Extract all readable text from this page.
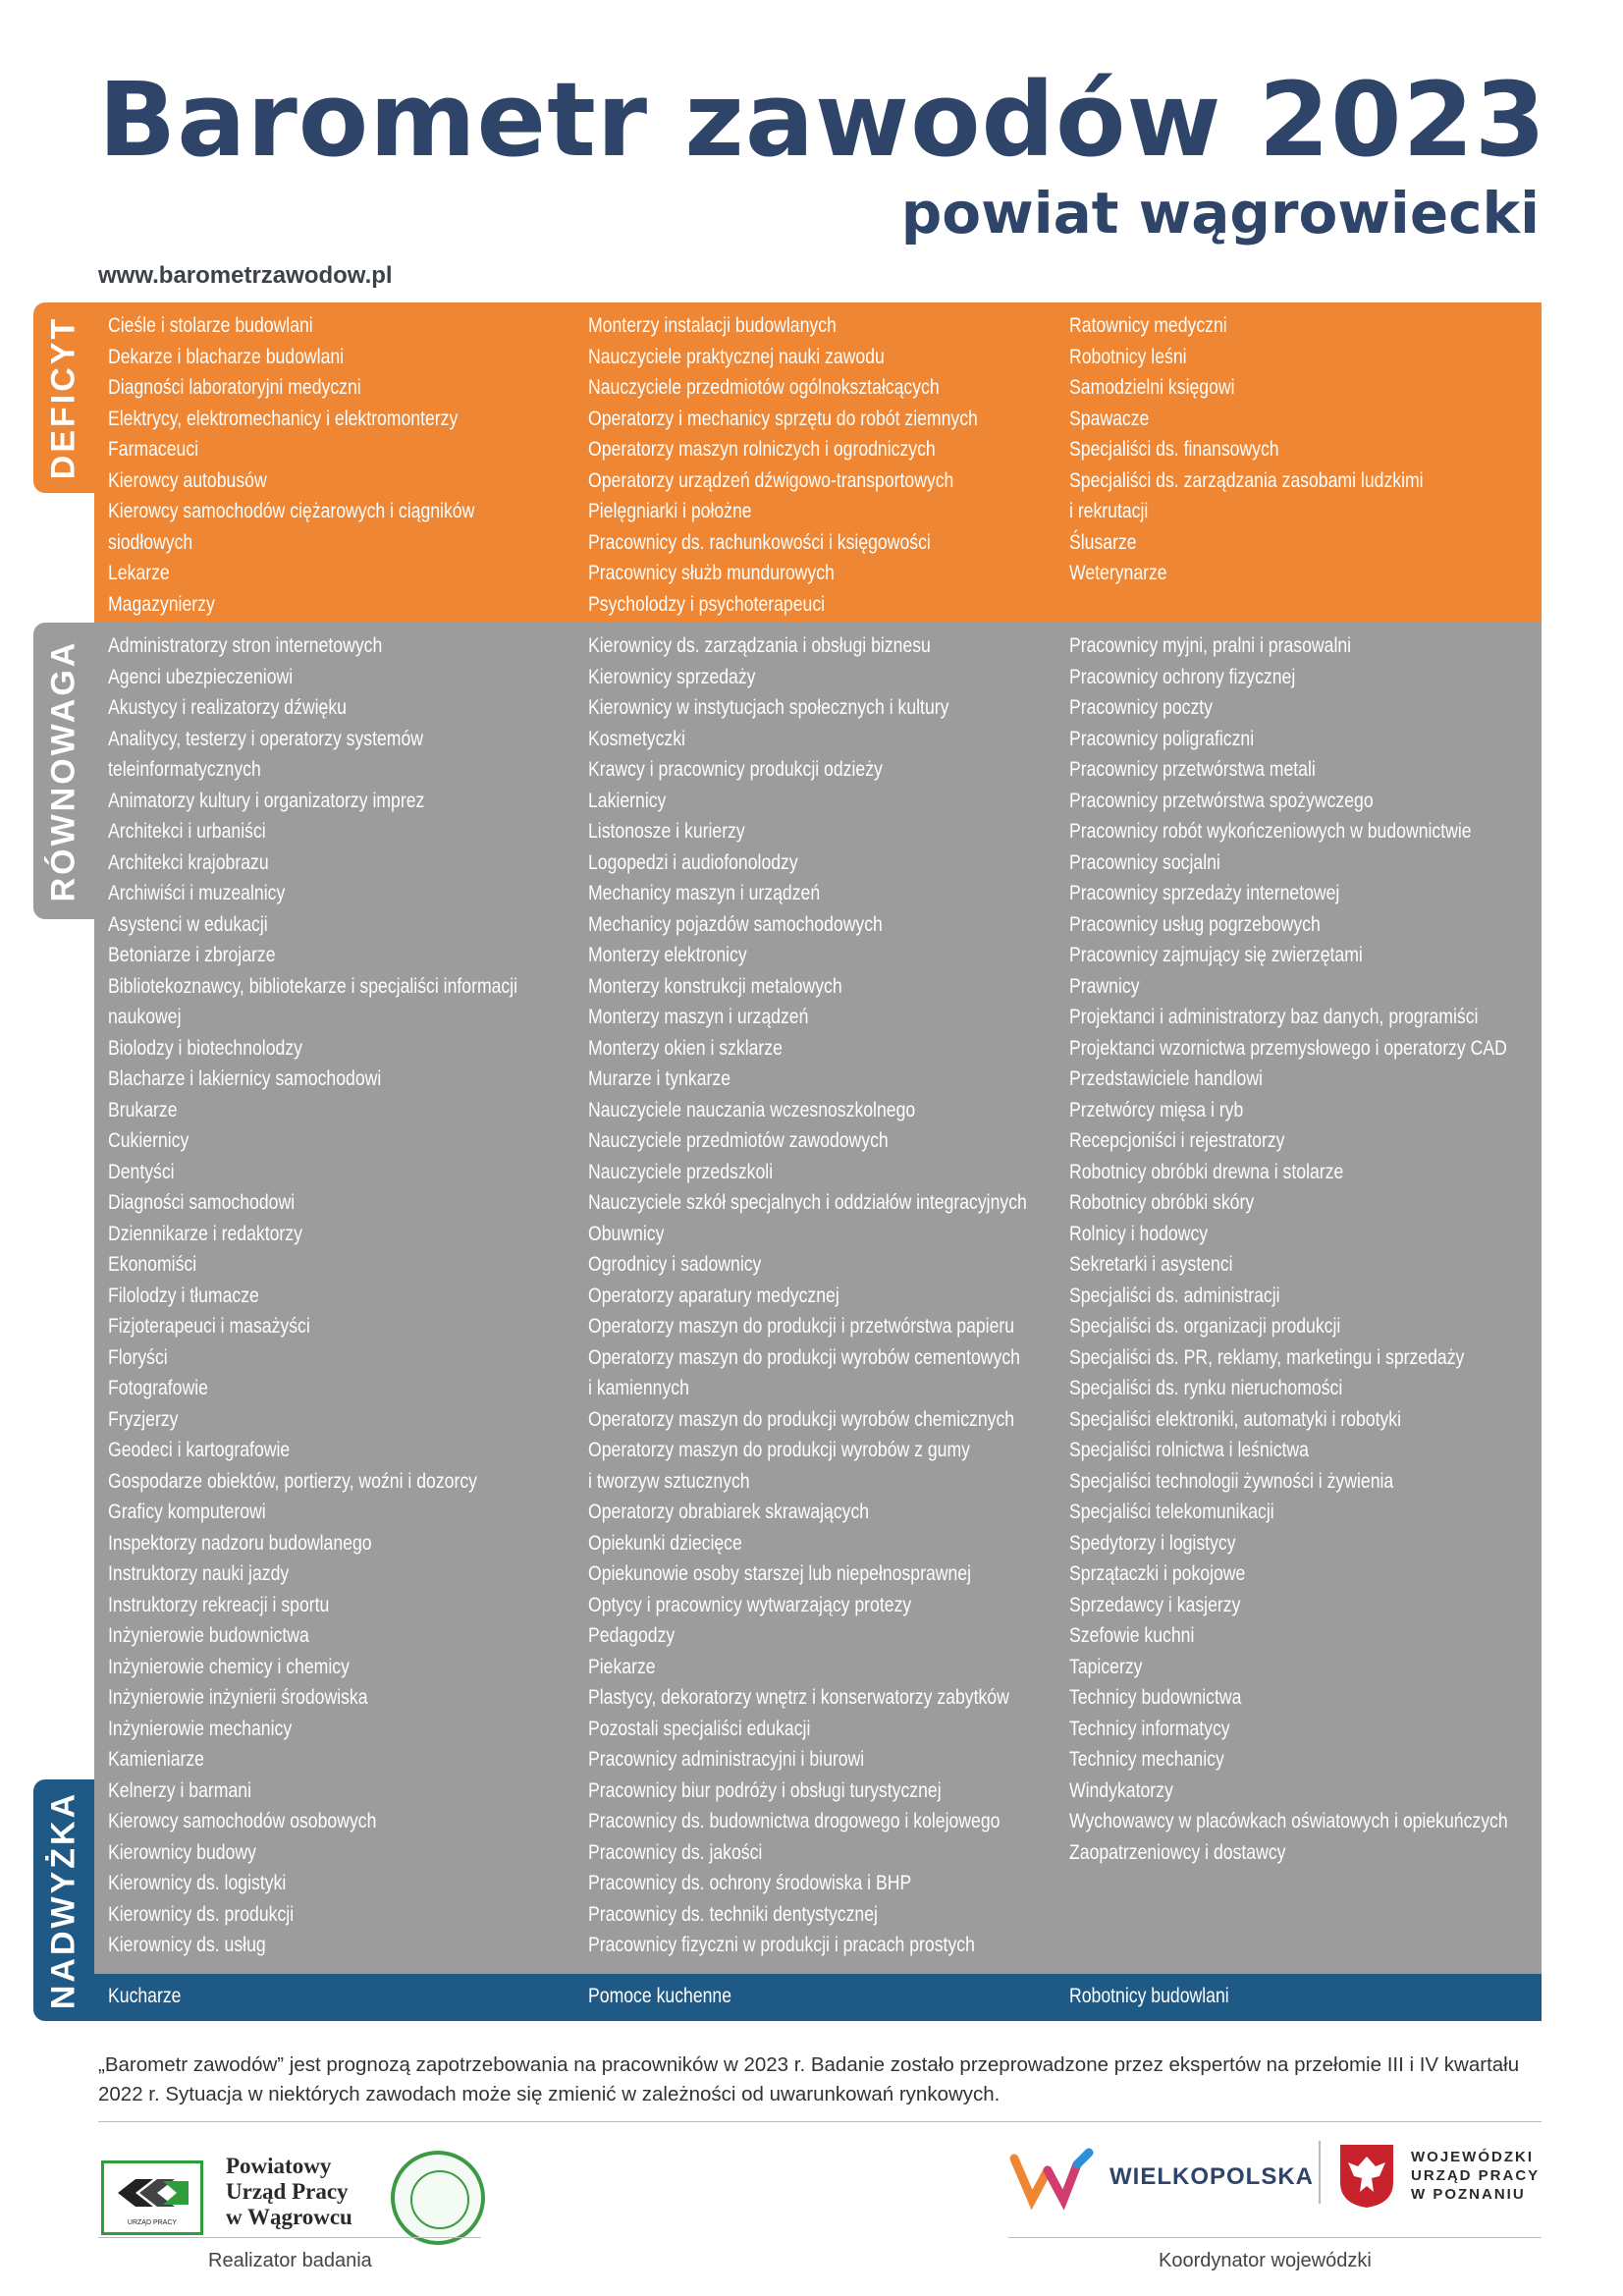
Barometr zawodów 2023
powiat wągrowiecki
www.barometrzawodow.pl
DEFICYT
RÓWNOWAGA
NADWYŻKA
Cieśle i stolarze budowlani
Dekarze i blacharze budowlani
Diagności laboratoryjni medyczni
Elektrycy, elektromechanicy i elektromonterzy
Farmaceuci
Kierowcy autobusów
Kierowcy samochodów ciężarowych i ciągników
siodłowych
Lekarze
Magazynierzy
Monterzy instalacji budowlanych
Nauczyciele praktycznej nauki zawodu
Nauczyciele przedmiotów ogólnokształcących
Operatorzy i mechanicy sprzętu do robót ziemnych
Operatorzy maszyn rolniczych i ogrodniczych
Operatorzy urządzeń dźwigowo-transportowych
Pielęgniarki i położne
Pracownicy ds. rachunkowości i księgowości
Pracownicy służb mundurowych
Psycholodzy i psychoterapeuci
Ratownicy medyczni
Robotnicy leśni
Samodzielni księgowi
Spawacze
Specjaliści ds. finansowych
Specjaliści ds. zarządzania zasobami ludzkimi
i rekrutacji
Ślusarze
Weterynarze
Administratorzy stron internetowych
Agenci ubezpieczeniowi
Akustycy i realizatorzy dźwięku
Analitycy, testerzy i operatorzy systemów
teleinformatycznych
Animatorzy kultury i organizatorzy imprez
Architekci i urbaniści
Architekci krajobrazu
Archiwiści i muzealnicy
Asystenci w edukacji
Betoniarze i zbrojarze
Bibliotekoznawcy, bibliotekarze i specjaliści informacji
naukowej
Biolodzy i biotechnolodzy
Blacharze i lakiernicy samochodowi
Brukarze
Cukiernicy
Dentyści
Diagności samochodowi
Dziennikarze i redaktorzy
Ekonomiści
Filolodzy i tłumacze
Fizjoterapeuci i masażyści
Floryści
Fotografowie
Fryzjerzy
Geodeci i kartografowie
Gospodarze obiektów, portierzy, woźni i dozorcy
Graficy komputerowi
Inspektorzy nadzoru budowlanego
Instruktorzy nauki jazdy
Instruktorzy rekreacji i sportu
Inżynierowie budownictwa
Inżynierowie chemicy i chemicy
Inżynierowie inżynierii środowiska
Inżynierowie mechanicy
Kamieniarze
Kelnerzy i barmani
Kierowcy samochodów osobowych
Kierownicy budowy
Kierownicy ds. logistyki
Kierownicy ds. produkcji
Kierownicy ds. usług
Kierownicy ds. zarządzania i obsługi biznesu
Kierownicy sprzedaży
Kierownicy w instytucjach społecznych i kultury
Kosmetyczki
Krawcy i pracownicy produkcji odzieży
Lakiernicy
Listonosze i kurierzy
Logopedzi i audiofonolodzy
Mechanicy maszyn i urządzeń
Mechanicy pojazdów samochodowych
Monterzy elektronicy
Monterzy konstrukcji metalowych
Monterzy maszyn i urządzeń
Monterzy okien i szklarze
Murarze i tynkarze
Nauczyciele nauczania wczesnoszkolnego
Nauczyciele przedmiotów zawodowych
Nauczyciele przedszkoli
Nauczyciele szkół specjalnych i oddziałów integracyjnych
Obuwnicy
Ogrodnicy i sadownicy
Operatorzy aparatury medycznej
Operatorzy maszyn do produkcji i przetwórstwa papieru
Operatorzy maszyn do produkcji wyrobów cementowych
i kamiennych
Operatorzy maszyn do produkcji wyrobów chemicznych
Operatorzy maszyn do produkcji wyrobów z gumy
i tworzyw sztucznych
Operatorzy obrabiarek skrawających
Opiekunki dziecięce
Opiekunowie osoby starszej lub niepełnosprawnej
Optycy i pracownicy wytwarzający protezy
Pedagodzy
Piekarze
Plastycy, dekoratorzy wnętrz i konserwatorzy zabytków
Pozostali specjaliści edukacji
Pracownicy administracyjni i biurowi
Pracownicy biur podróży i obsługi turystycznej
Pracownicy ds. budownictwa drogowego i kolejowego
Pracownicy ds. jakości
Pracownicy ds. ochrony środowiska i BHP
Pracownicy ds. techniki dentystycznej
Pracownicy fizyczni w produkcji i pracach prostych
Pracownicy myjni, pralni i prasowalni
Pracownicy ochrony fizycznej
Pracownicy poczty
Pracownicy poligraficzni
Pracownicy przetwórstwa metali
Pracownicy przetwórstwa spożywczego
Pracownicy robót wykończeniowych w budownictwie
Pracownicy socjalni
Pracownicy sprzedaży internetowej
Pracownicy usług pogrzebowych
Pracownicy zajmujący się zwierzętami
Prawnicy
Projektanci i administratorzy baz danych, programiści
Projektanci wzornictwa przemysłowego i operatorzy CAD
Przedstawiciele handlowi
Przetwórcy mięsa i ryb
Recepcjoniści i rejestratorzy
Robotnicy obróbki drewna i stolarze
Robotnicy obróbki skóry
Rolnicy i hodowcy
Sekretarki i asystenci
Specjaliści ds. administracji
Specjaliści ds. organizacji produkcji
Specjaliści ds. PR, reklamy, marketingu i sprzedaży
Specjaliści ds. rynku nieruchomości
Specjaliści elektroniki, automatyki i robotyki
Specjaliści rolnictwa i leśnictwa
Specjaliści technologii żywności i żywienia
Specjaliści telekomunikacji
Spedytorzy i logistycy
Sprzątaczki i pokojowe
Sprzedawcy i kasjerzy
Szefowie kuchni
Tapicerzy
Technicy budownictwa
Technicy informatycy
Technicy mechanicy
Windykatorzy
Wychowawcy w placówkach oświatowych i opiekuńczych
Zaopatrzeniowcy i dostawcy
Kucharze	Pomoce kuchenne	Robotnicy budowlani

„Barometr zawodów” jest prognozą zapotrzebowania na pracowników w 2023 r. Badanie zostało przeprowadzone przez ekspertów na przełomie III i IV kwartału 2022 r. Sytuacja w niektórych zawodach może się zmienić w zależności od uwarunkowań rynkowych.

URZĄD PRACY
Powiatowy
Urząd Pracy
w Wągrowcu
Realizator badania
WIELKOPOLSKA
WOJEWÓDZKI
URZĄD PRACY
W POZNANIU
Koordynator wojewódzki
